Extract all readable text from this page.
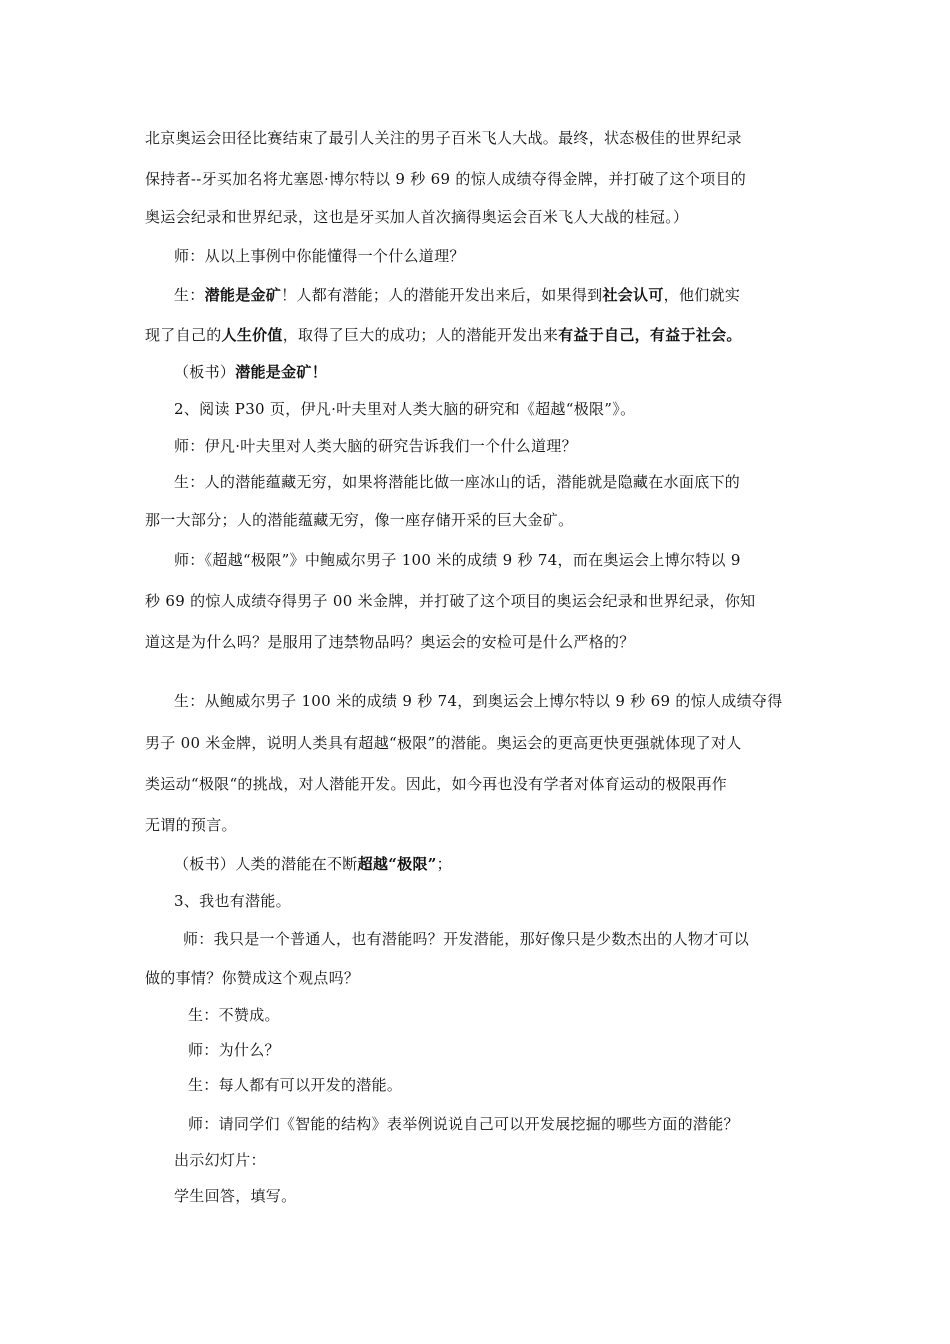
北京奥运会田径比赛结束了最引人关注的男子百米飞人大战。最终，状态极佳的世界纪录
保持者--牙买加名将尤塞恩·博尔特以 9 秒 69 的惊人成绩夺得金牌，并打破了这个项目的
奥运会纪录和世界纪录，这也是牙买加人首次摘得奥运会百米飞人大战的桂冠。）
师：从以上事例中你能懂得一个什么道理？
生：潜能是金矿！人都有潜能；人的潜能开发出来后，如果得到社会认可，他们就实
现了自己的人生价值，取得了巨大的成功；人的潜能开发出来有益于自己，有益于社会。
（板书）潜能是金矿！
2、阅读 P30 页，伊凡·叶夫里对人类大脑的研究和《超越“极限”》。
师：伊凡·叶夫里对人类大脑的研究告诉我们一个什么道理？
生：人的潜能蕴藏无穷，如果将潜能比做一座冰山的话，潜能就是隐藏在水面底下的
那一大部分；人的潜能蕴藏无穷，像一座存储开采的巨大金矿。
师：《超越“极限”》中鲍威尔男子 100 米的成绩 9 秒 74，而在奥运会上博尔特以 9
秒 69 的惊人成绩夺得男子 00 米金牌，并打破了这个项目的奥运会纪录和世界纪录，你知
道这是为什么吗？是服用了违禁物品吗？奥运会的安检可是什么严格的？
生：从鲍威尔男子 100 米的成绩 9 秒 74，到奥运会上博尔特以 9 秒 69 的惊人成绩夺得
男子 00 米金牌，说明人类具有超越“极限”的潜能。奥运会的更高更快更强就体现了对人
类运动“极限“的挑战，对人潜能开发。因此，如今再也没有学者对体育运动的极限再作
无谓的预言。
（板书）人类的潜能在不断超越“极限”；
3、我也有潜能。
师：我只是一个普通人，也有潜能吗？开发潜能，那好像只是少数杰出的人物才可以
做的事情？你赞成这个观点吗？
生：不赞成。
师：为什么？
生：每人都有可以开发的潜能。
师：请同学们《智能的结构》表举例说说自己可以开发展挖掘的哪些方面的潜能？
出示幻灯片：
学生回答，填写。
